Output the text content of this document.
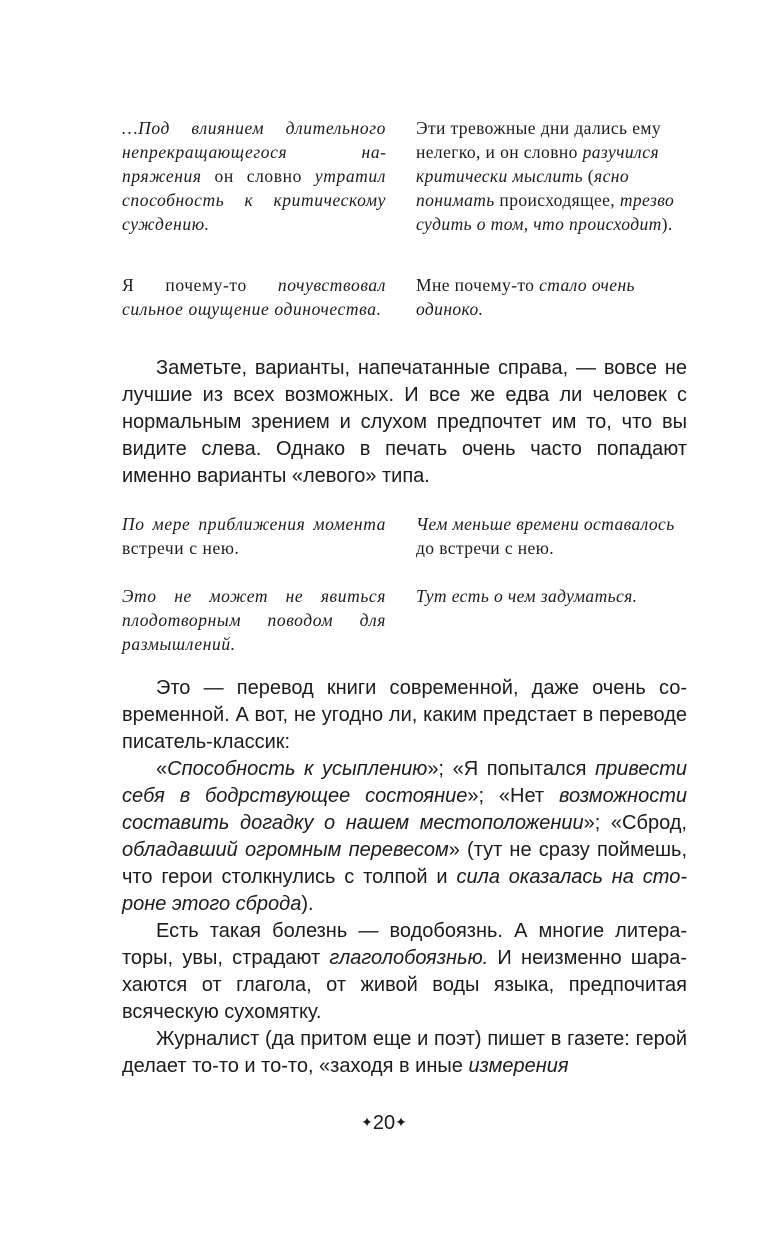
…Под влиянием длительного непрекращающегося напряжения он словно утратил способность к критическому суждению.
Эти тревожные дни дались ему нелегко, и он словно разучился критически мыслить (ясно понимать происходящее, трезво судить о том, что происходит).
Я почему-то почувствовал сильное ощущение одиночества.
Мне почему-то стало очень одиноко.

Заметьте, варианты, напечатанные справа, — вовсе не лучшие из всех возможных. И все же едва ли человек с нормальным зрением и слухом предпочтет им то, что вы видите слева. Однако в печать очень часто попадают именно варианты «левого» типа.

По мере приближения момента встречи с нею.
Чем меньше времени оставалось до встречи с нею.
Это не может не явиться плодотворным поводом для размышлений.
Тут есть о чем задуматься.

Это — перевод книги современной, даже очень современной. А вот, не угодно ли, каким предстает в переводе писатель-классик:

«Способность к усыплению»; «Я попытался привести себя в бодрствующее состояние»; «Нет возможности составить догадку о нашем местоположении»; «Сброд, обладавший огромным перевесом» (тут не сразу поймешь, что герои столкнулись с толпой и сила оказалась на стороне этого сброда).

Есть такая болезнь — водобоязнь. А многие литераторы, увы, страдают глаголобоязнью. И неизменно шарахаются от глагола, от живой воды языка, предпочитая всяческую сухомятку.

Журналист (да притом еще и поэт) пишет в газете: герой делает то-то и то-то, «заходя в иные измерения

✦20✦
